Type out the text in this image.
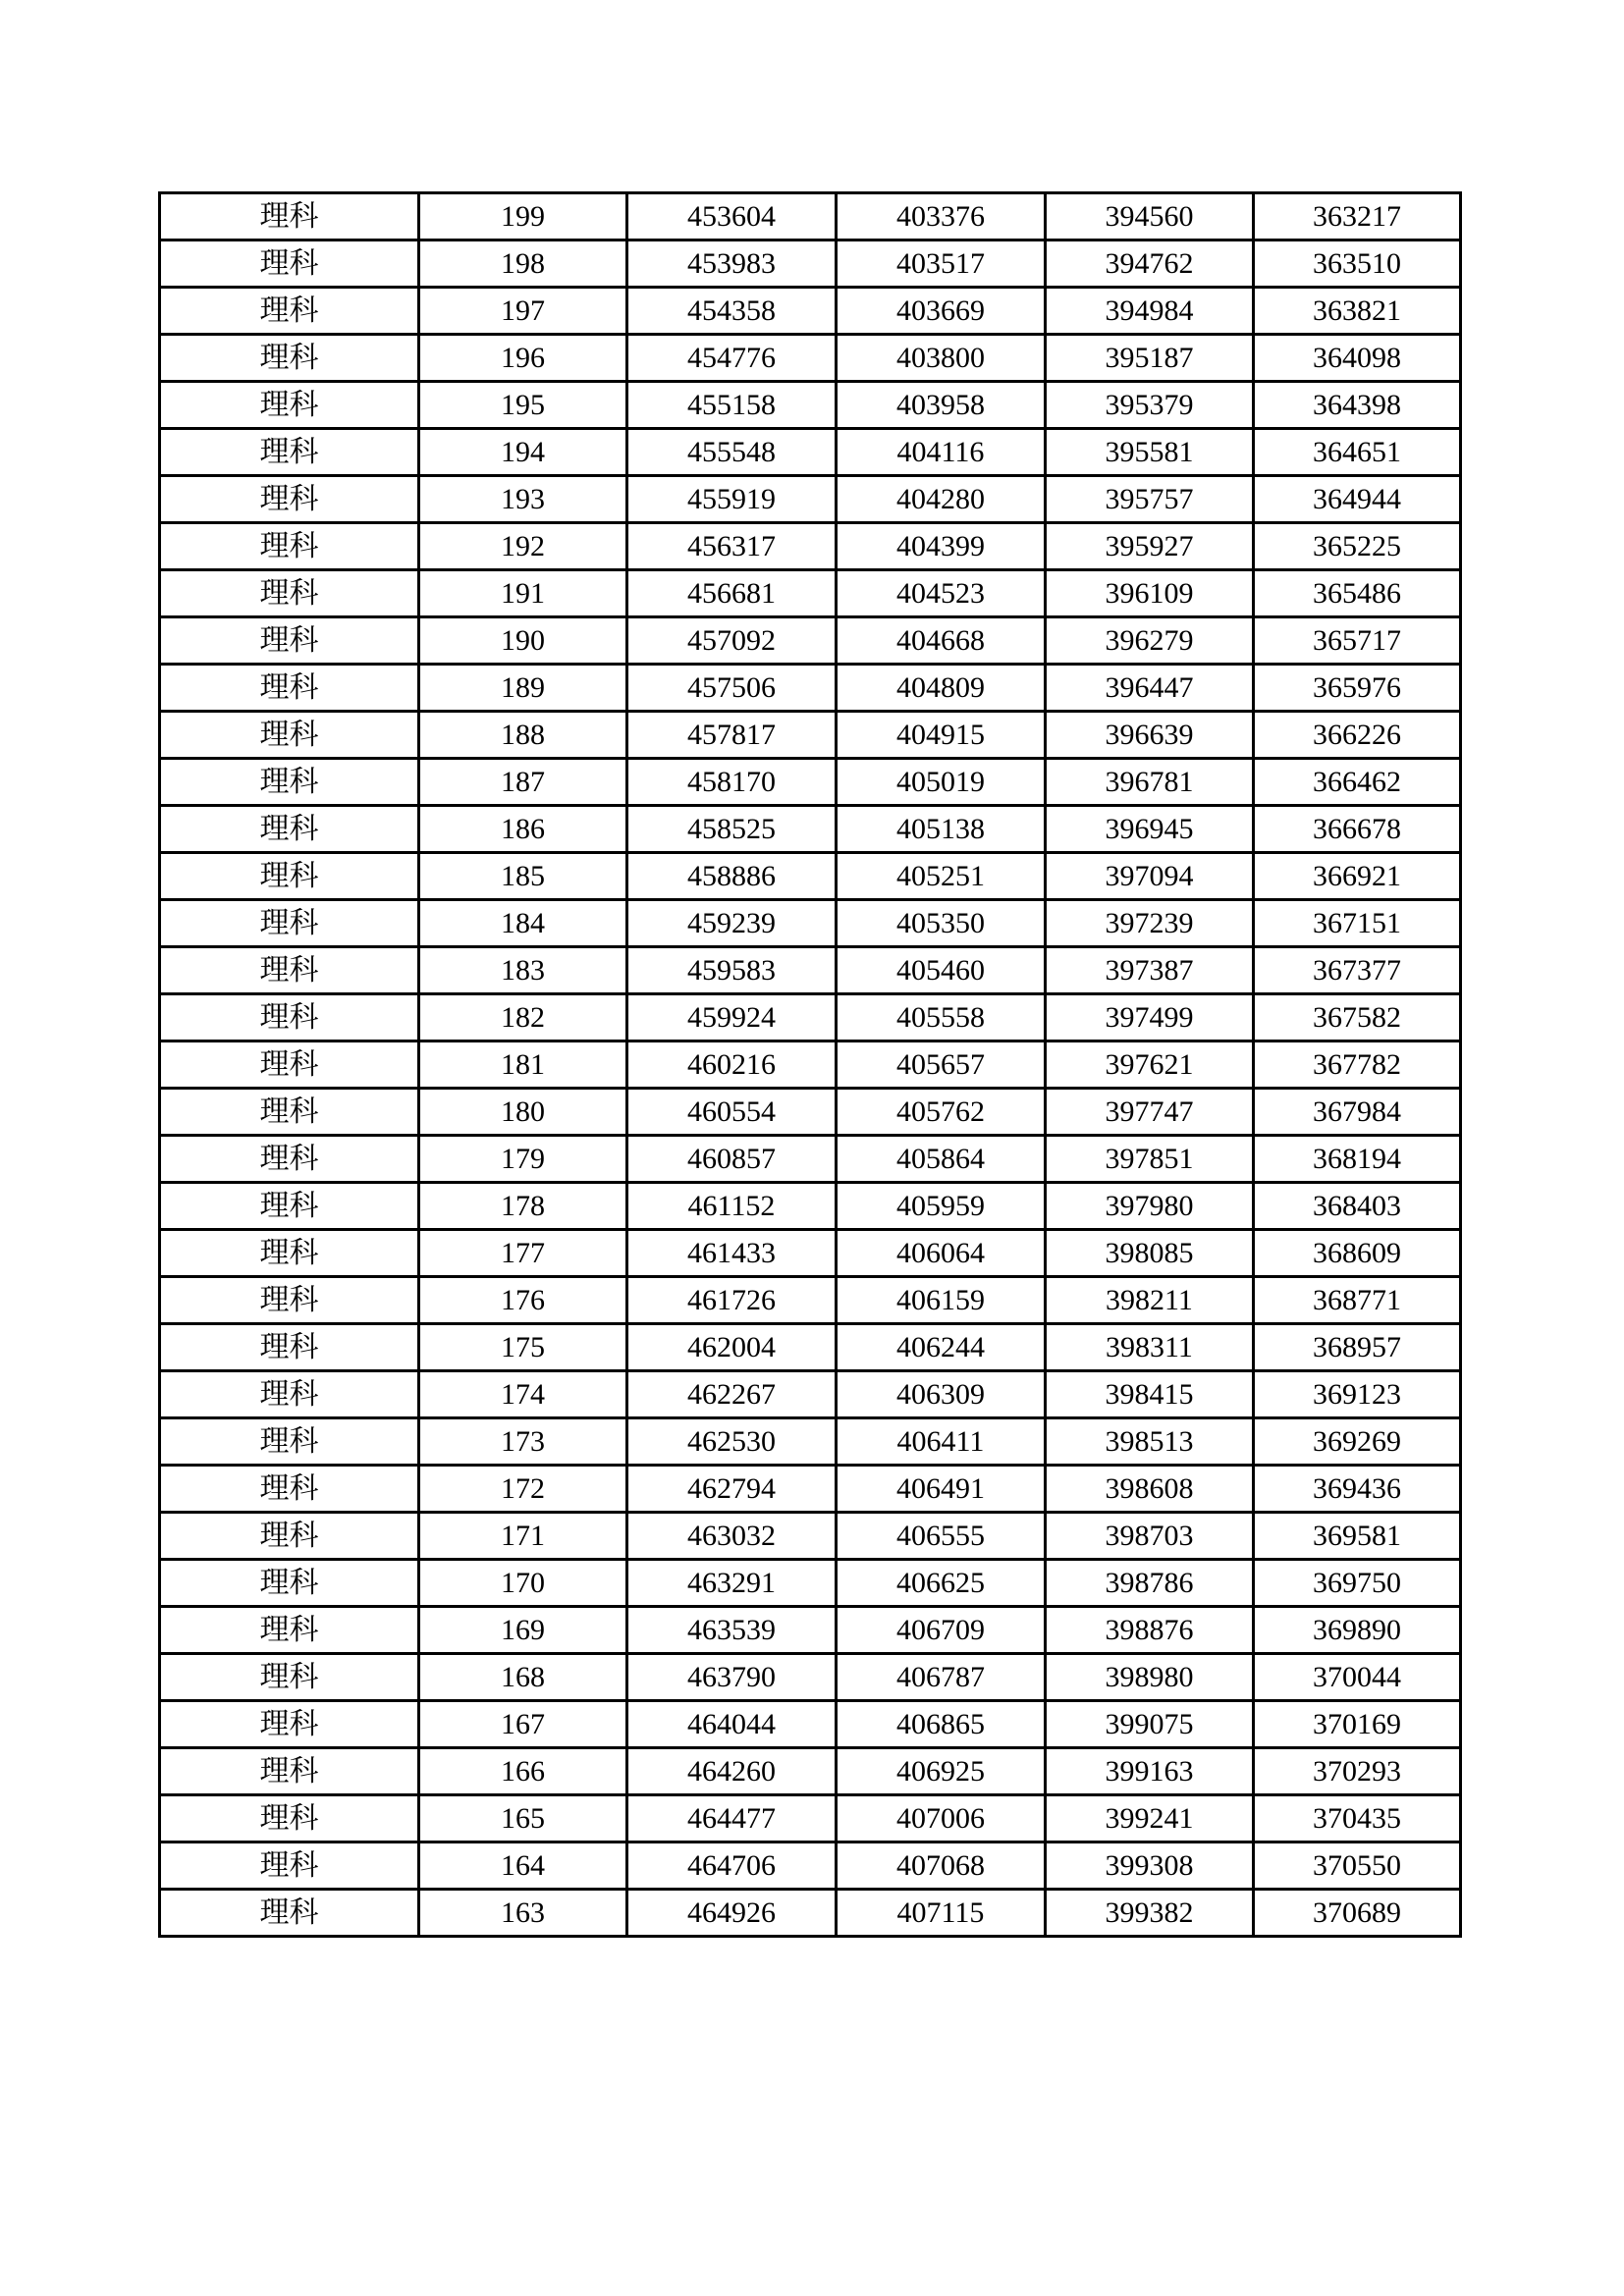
理科	199	453604	403376	394560	363217
理科	198	453983	403517	394762	363510
理科	197	454358	403669	394984	363821
理科	196	454776	403800	395187	364098
理科	195	455158	403958	395379	364398
理科	194	455548	404116	395581	364651
理科	193	455919	404280	395757	364944
理科	192	456317	404399	395927	365225
理科	191	456681	404523	396109	365486
理科	190	457092	404668	396279	365717
理科	189	457506	404809	396447	365976
理科	188	457817	404915	396639	366226
理科	187	458170	405019	396781	366462
理科	186	458525	405138	396945	366678
理科	185	458886	405251	397094	366921
理科	184	459239	405350	397239	367151
理科	183	459583	405460	397387	367377
理科	182	459924	405558	397499	367582
理科	181	460216	405657	397621	367782
理科	180	460554	405762	397747	367984
理科	179	460857	405864	397851	368194
理科	178	461152	405959	397980	368403
理科	177	461433	406064	398085	368609
理科	176	461726	406159	398211	368771
理科	175	462004	406244	398311	368957
理科	174	462267	406309	398415	369123
理科	173	462530	406411	398513	369269
理科	172	462794	406491	398608	369436
理科	171	463032	406555	398703	369581
理科	170	463291	406625	398786	369750
理科	169	463539	406709	398876	369890
理科	168	463790	406787	398980	370044
理科	167	464044	406865	399075	370169
理科	166	464260	406925	399163	370293
理科	165	464477	407006	399241	370435
理科	164	464706	407068	399308	370550
理科	163	464926	407115	399382	370689
